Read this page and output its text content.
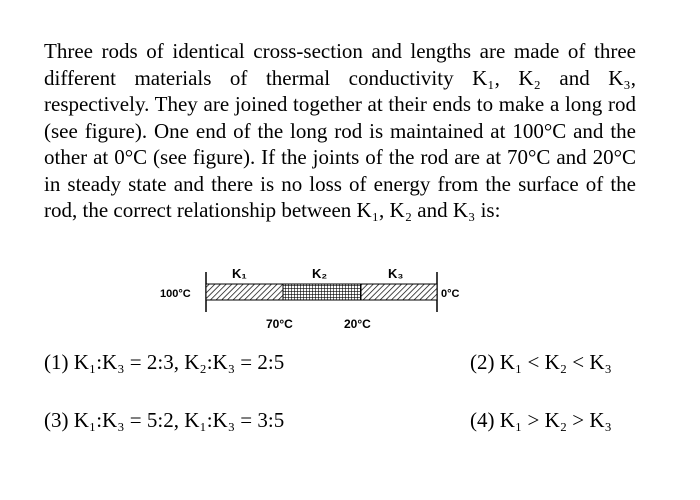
Three rods of identical cross-section and lengths are made of three different materials of thermal conductivity K₁, K₂ and K₃, respectively. They are joined together at their ends to make a long rod (see figure). One end of the long rod is maintained at 100°C and the other at 0°C (see figure). If the joints of the rod are at 70°C and 20°C in steady state and there is no loss of energy from the surface of the rod, the correct relationship between K₁, K₂ and K₃ is:

K₁	K₂	K₃
100°C	0°C
70°C	20°C
(1) K₁:K₃ = 2:3, K₂:K₃ = 2:5	(2) K₁ < K₂ < K₃
(3) K₁:K₃ = 5:2, K₁:K₃ = 3:5	(4) K₁ > K₂ > K₃
